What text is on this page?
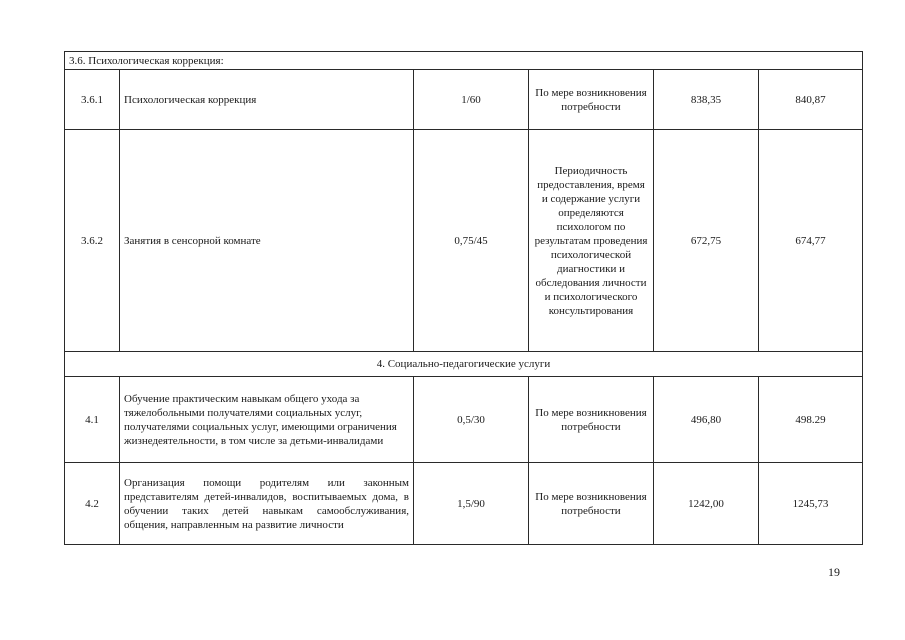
3.6. Психологическая коррекция:					
3.6.1	Психологическая коррекция	1/60	По мере возникновения потребности	838,35	840,87
3.6.2	Занятия в сенсорной комнате	0,75/45	Периодичность предоставления, время и содержание услуги определяются психологом по результатам проведения психологической диагностики и обследования личности и психологического консультирования	672,75	674,77
4. Социально-педагогические услуги					
4.1	Обучение практическим навыкам общего ухода за тяжелобольными получателями социальных услуг, получателями социальных услуг, имеющими ограничения жизнедеятельности, в том числе за детьми-инвалидами	0,5/30	По мере возникновения потребности	496,80	498.29
4.2	Организация помощи родителям или законным представителям детей-инвалидов, воспитываемых дома, в обучении таких детей навыкам самообслуживания, общения, направленным на развитие личности	1,5/90	По мере возникновения потребности	1242,00	1245,73
19
